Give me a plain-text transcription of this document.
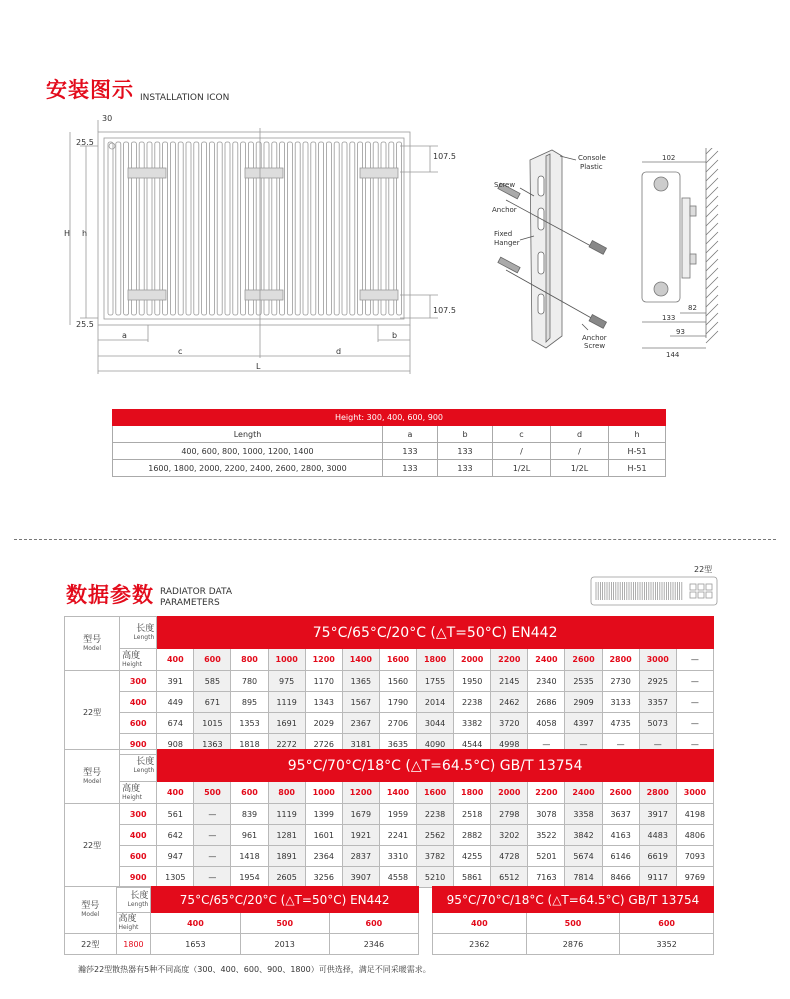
安装图示 INSTALLATION ICON
30
25.5
25.5
107.5
107.5
H h
a	b
c	d
L
Console
Plastic
Screw
Anchor
Fixed
Hanger
Anchor
Screw
102
82
133
93
144
Height: 300, 400, 600, 900					
Length	a	b	c	d	h
400, 600, 800, 1000, 1200, 1400	133	133	/	/	H-51
1600, 1800, 2000, 2200, 2400, 2600, 2800, 3000	133	133	1/2L	1/2L	H-51
数据参数 RADIATOR DATA
PARAMETERS
22型
型号
Model	长度
Length	75°C/65°C/20°C (△T=50°C) EN442														

	高度
Height	400	600	800	1000	1200	1400	1600	1800	2000	2200	2400	2600	2800	3000	—
22型	300	391	585	780	975	1170	1365	1560	1755	1950	2145	2340	2535	2730	2925	—
	400	449	671	895	1119	1343	1567	1790	2014	2238	2462	2686	2909	3133	3357	—
	600	674	1015	1353	1691	2029	2367	2706	3044	3382	3720	4058	4397	4735	5073	—
	900	908	1363	1818	2272	2726	3181	3635	4090	4544	4998	—	—	—	—	—
型号
Model	长度
Length	95°C/70°C/18°C (△T=64.5°C) GB/T 13754														

	高度
Height	400	500	600	800	1000	1200	1400	1600	1800	2000	2200	2400	2600	2800	3000
22型	300	561	—	839	1119	1399	1679	1959	2238	2518	2798	3078	3358	3637	3917	4198
	400	642	—	961	1281	1601	1921	2241	2562	2882	3202	3522	3842	4163	4483	4806
	600	947	—	1418	1891	2364	2837	3310	3782	4255	4728	5201	5674	6146	6619	7093
	900	1305	—	1954	2605	3256	3907	4558	5210	5861	6512	7163	7814	8466	9117	9769
型号
Model	长度
Length	75°C/65°C/20°C (△T=50°C) EN442		

	高度
Height	400	500	600
22型	1800	1653	2013	2346
95°C/70°C/18°C (△T=64.5°C) GB/T 13754		
400	500	600
2362	2876	3352
瀚莎22型散热器有5种不同高度（300、400、600、900、1800）可供选择，满足不同采暖需求。
